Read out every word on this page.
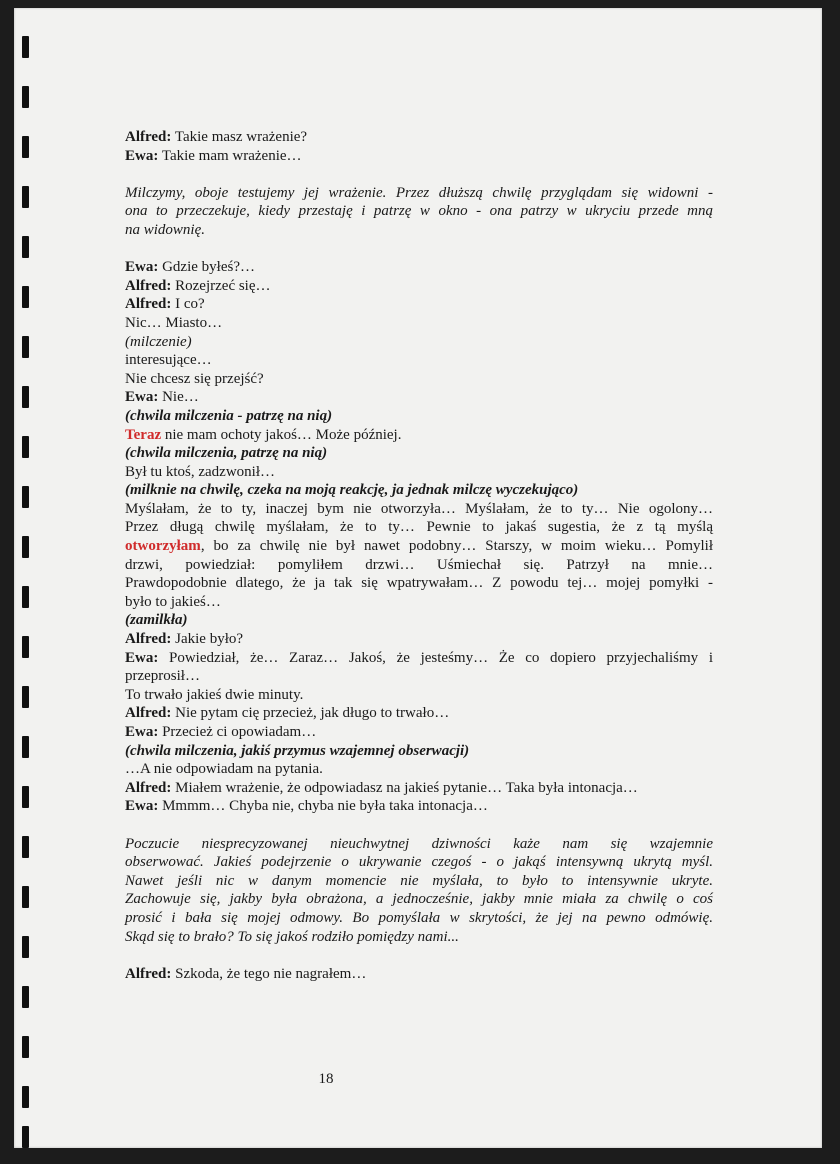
Alfred: Takie masz wrażenie?
Ewa: Takie mam wrażenie…
Milczymy, oboje testujemy jej wrażenie. Przez dłuższą chwilę przyglądam się widowni -
ona to przeczekuje, kiedy przestaję i patrzę w okno - ona patrzy w ukryciu przede mną
na widownię.
Ewa: Gdzie byłeś?…
Alfred: Rozejrzeć się…
Alfred: I co?
Nic… Miasto…
(milczenie)
interesujące…
Nie chcesz się przejść?
Ewa: Nie…
(chwila milczenia - patrzę na nią)
Teraz nie mam ochoty jakoś… Może później.
(chwila milczenia, patrzę na nią)
Był tu ktoś, zadzwonił…
(milknie na chwilę, czeka na moją reakcję, ja jednak milczę wyczekująco)
Myślałam, że to ty, inaczej bym nie otworzyła… Myślałam, że to ty… Nie ogolony…
Przez długą chwilę myślałam, że to ty… Pewnie to jakaś sugestia, że z tą myślą
otworzyłam, bo za chwilę nie był nawet podobny… Starszy, w moim wieku… Pomylił
drzwi, powiedział: pomyliłem drzwi… Uśmiechał się. Patrzył na mnie…
Prawdopodobnie dlatego, że ja tak się wpatrywałam… Z powodu tej… mojej pomyłki -
było to jakieś…
(zamilkła)
Alfred: Jakie było?
Ewa: Powiedział, że… Zaraz… Jakoś, że jesteśmy… Że co dopiero przyjechaliśmy i
przeprosił…
To trwało jakieś dwie minuty.
Alfred: Nie pytam cię przecież, jak długo to trwało…
Ewa: Przecież ci opowiadam…
(chwila milczenia, jakiś przymus wzajemnej obserwacji)
…A nie odpowiadam na pytania.
Alfred: Miałem wrażenie, że odpowiadasz na jakieś pytanie… Taka była intonacja…
Ewa: Mmmm… Chyba nie, chyba nie była taka intonacja…
Poczucie niesprecyzowanej nieuchwytnej dziwności każe nam się wzajemnie
obserwować. Jakieś podejrzenie o ukrywanie czegoś - o jakąś intensywną ukrytą myśl.
Nawet jeśli nic w danym momencie nie myślała, to było to intensywnie ukryte.
Zachowuje się, jakby była obrażona, a jednocześnie, jakby mnie miała za chwilę o coś
prosić i bała się mojej odmowy. Bo pomyślała w skrytości, że jej na pewno odmówię.
Skąd się to brało? To się jakoś rodziło pomiędzy nami...
Alfred: Szkoda, że tego nie nagrałem…
18
